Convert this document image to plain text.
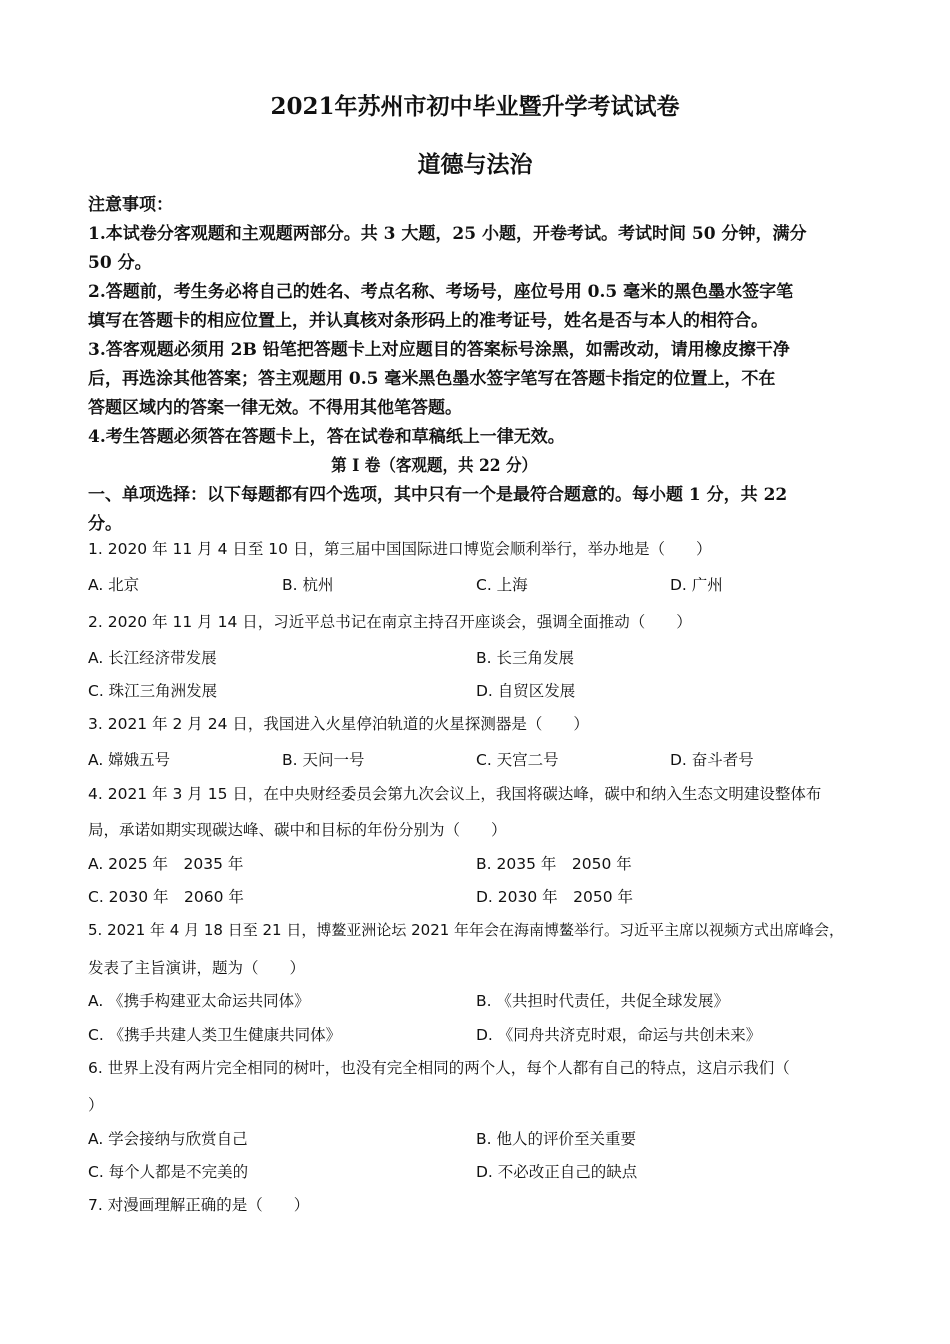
2021年苏州市初中毕业暨升学考试试卷
道德与法治
注意事项：
1.本试卷分客观题和主观题两部分。共 3 大题，25 小题，开卷考试。考试时间 50 分钟，满分
50 分。
2.答题前，考生务必将自己的姓名、考点名称、考场号，座位号用 0.5 毫米的黑色墨水签字笔
填写在答题卡的相应位置上，并认真核对条形码上的准考证号，姓名是否与本人的相符合。
3.答客观题必须用 2B 铅笔把答题卡上对应题目的答案标号涂黑，如需改动，请用橡皮擦干净
后，再选涂其他答案；答主观题用 0.5 毫米黑色墨水签字笔写在答题卡指定的位置上，不在
答题区域内的答案一律无效。不得用其他笔答题。
4.考生答题必须答在答题卡上，答在试卷和草稿纸上一律无效。
第 Ⅰ 卷（客观题，共 22 分）
一、单项选择：以下每题都有四个选项，其中只有一个是最符合题意的。每小题 1 分，共 22
分。
1. 2020 年 11 月 4 日至 10 日，第三届中国国际进口博览会顺利举行，举办地是（　　）
A. 北京	B. 杭州	C. 上海	D. 广州
2. 2020 年 11 月 14 日，习近平总书记在南京主持召开座谈会，强调全面推动（　　）
A. 长江经济带发展	B. 长三角发展
C. 珠江三角洲发展	D. 自贸区发展
3. 2021 年 2 月 24 日，我国进入火星停泊轨道的火星探测器是（　　）
A. 嫦娥五号	B. 天问一号	C. 天宫二号	D. 奋斗者号
4. 2021 年 3 月 15 日，在中央财经委员会第九次会议上，我国将碳达峰，碳中和纳入生态文明建设整体布
局，承诺如期实现碳达峰、碳中和目标的年份分别为（　　）
A. 2025 年　2035 年	B. 2035 年　2050 年
C. 2030 年　2060 年	D. 2030 年　2050 年
5. 2021 年 4 月 18 日至 21 日，博鳌亚洲论坛 2021 年年会在海南博鳌举行。习近平主席以视频方式出席峰会，
发表了主旨演讲，题为（　　）
A. 《携手构建亚太命运共同体》	B. 《共担时代责任，共促全球发展》
C. 《携手共建人类卫生健康共同体》	D. 《同舟共济克时艰，命运与共创未来》
6. 世界上没有两片完全相同的树叶，也没有完全相同的两个人，每个人都有自己的特点，这启示我们（
）
A. 学会接纳与欣赏自己	B. 他人的评价至关重要
C. 每个人都是不完美的	D. 不必改正自己的缺点
7. 对漫画理解正确的是（　　）
